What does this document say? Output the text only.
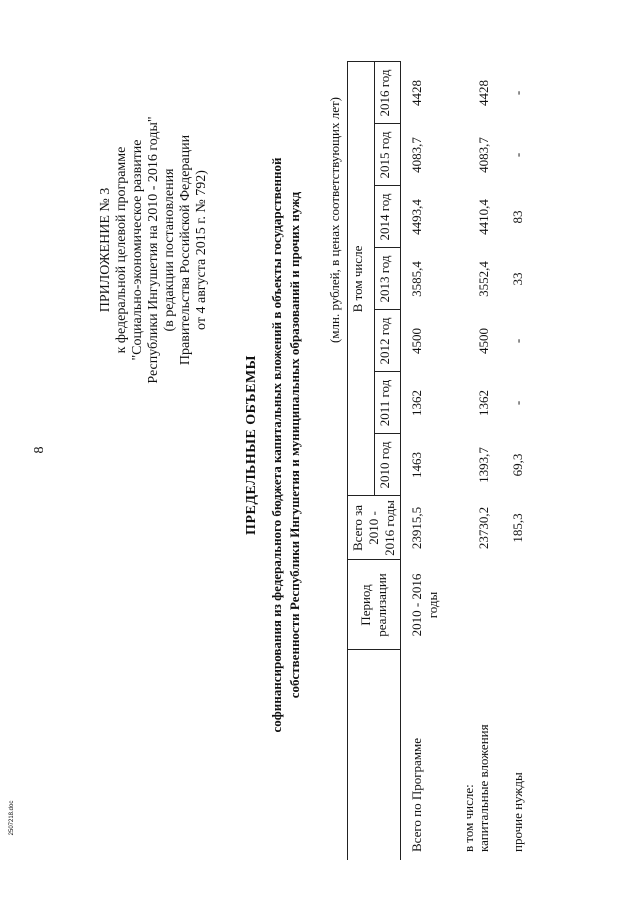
8
2507218.doc
ПРИЛОЖЕНИЕ № 3 к федеральной целевой программе "Социально-экономическое развитие Республики Ингушетия на 2010 - 2016 годы" (в редакции постановления Правительства Российской Федерации от 4 августа 2015 г. № 792)
ПРЕДЕЛЬНЫЕ ОБЪЕМЫ софинансирования из федерального бюджета капитальных вложений в объекты государственной собственности Республики Ингушетия и муниципальных образований и прочих нужд (млн. рублей, в ценах соответствующих лет)
	Период реализации	Всего за 2010 - 2016 годы	В том числе						
			2010 год	2011 год	2012 год	2013 год	2014 год	2015 год	2016 год
Всего по Программе	2010 - 2016 годы	23915,5	1463	1362	4500	3585,4	4493,4	4083,7	4428

в том числе: капитальные вложения		23730,2	1393,7	1362	4500	3552,4	4410,4	4083,7	4428
прочие нужды		185,3	69,3	-	-	33	83	-	-
